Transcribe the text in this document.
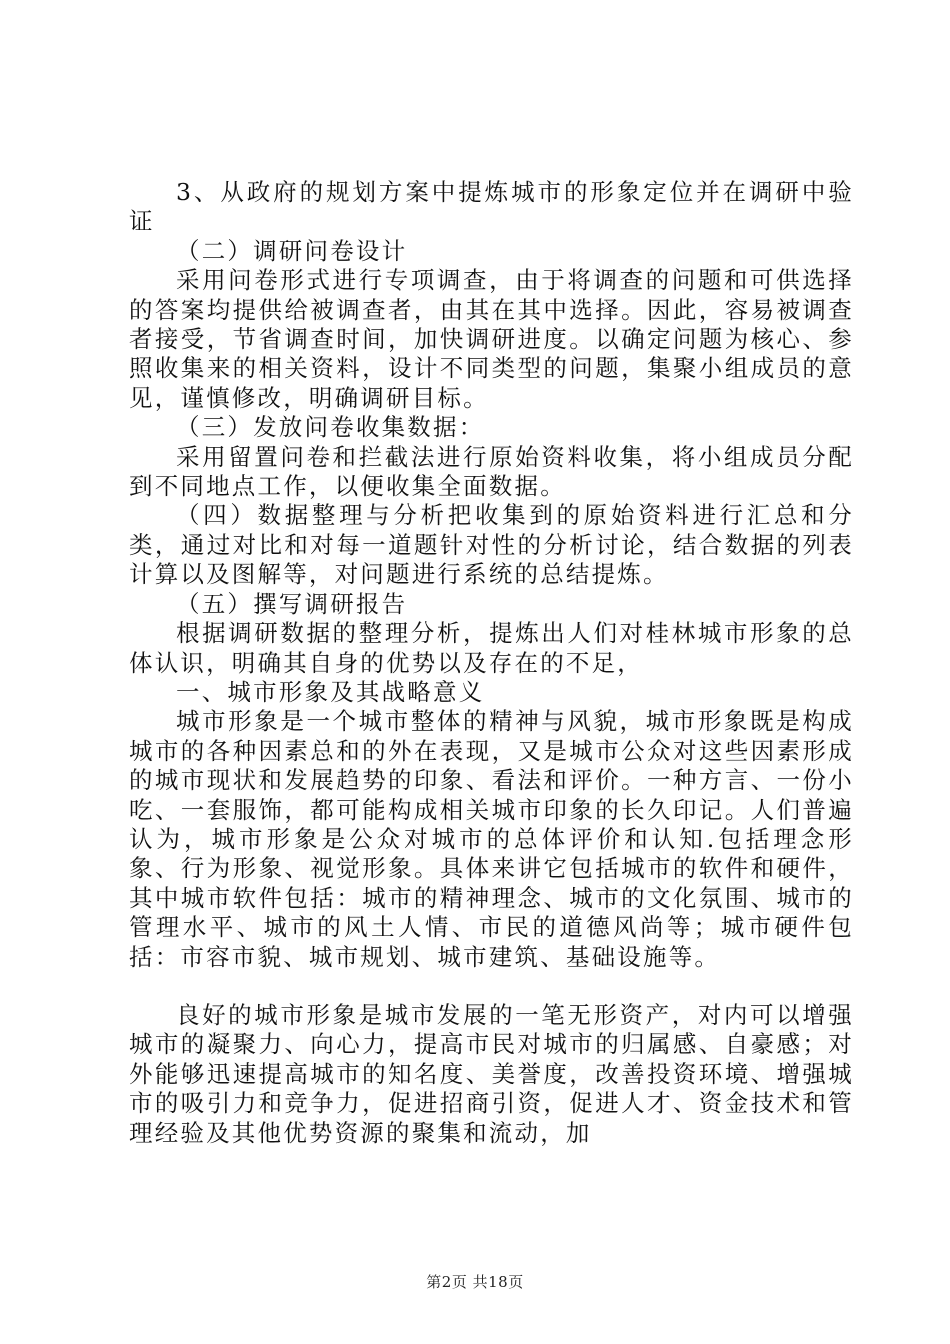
3、从政府的规划方案中提炼城市的形象定位并在调研中验证

（二）调研问卷设计

采用问卷形式进行专项调查，由于将调查的问题和可供选择的答案均提供给被调查者，由其在其中选择。因此，容易被调查者接受，节省调查时间，加快调研进度。以确定问题为核心、参照收集来的相关资料，设计不同类型的问题，集聚小组成员的意见，谨慎修改，明确调研目标。

（三）发放问卷收集数据：

采用留置问卷和拦截法进行原始资料收集，将小组成员分配到不同地点工作，以便收集全面数据。

（四）数据整理与分析把收集到的原始资料进行汇总和分类，通过对比和对每一道题针对性的分析讨论，结合数据的列表计算以及图解等，对问题进行系统的总结提炼。

（五）撰写调研报告

根据调研数据的整理分析，提炼出人们对桂林城市形象的总体认识，明确其自身的优势以及存在的不足，

一、城市形象及其战略意义

城市形象是一个城市整体的精神与风貌，城市形象既是构成城市的各种因素总和的外在表现，又是城市公众对这些因素形成的城市现状和发展趋势的印象、看法和评价。一种方言、一份小吃、一套服饰，都可能构成相关城市印象的长久印记。人们普遍认为，城市形象是公众对城市的总体评价和认知.包括理念形象、行为形象、视觉形象。具体来讲它包括城市的软件和硬件，其中城市软件包括：城市的精神理念、城市的文化氛围、城市的管理水平、城市的风土人情、市民的道德风尚等；城市硬件包括：市容市貌、城市规划、城市建筑、基础设施等。

良好的城市形象是城市发展的一笔无形资产，对内可以增强城市的凝聚力、向心力，提高市民对城市的归属感、自豪感；对外能够迅速提高城市的知名度、美誉度，改善投资环境、增强城市的吸引力和竞争力，促进招商引资，促进人才、资金技术和管理经验及其他优势资源的聚集和流动，加

第2页 共18页
